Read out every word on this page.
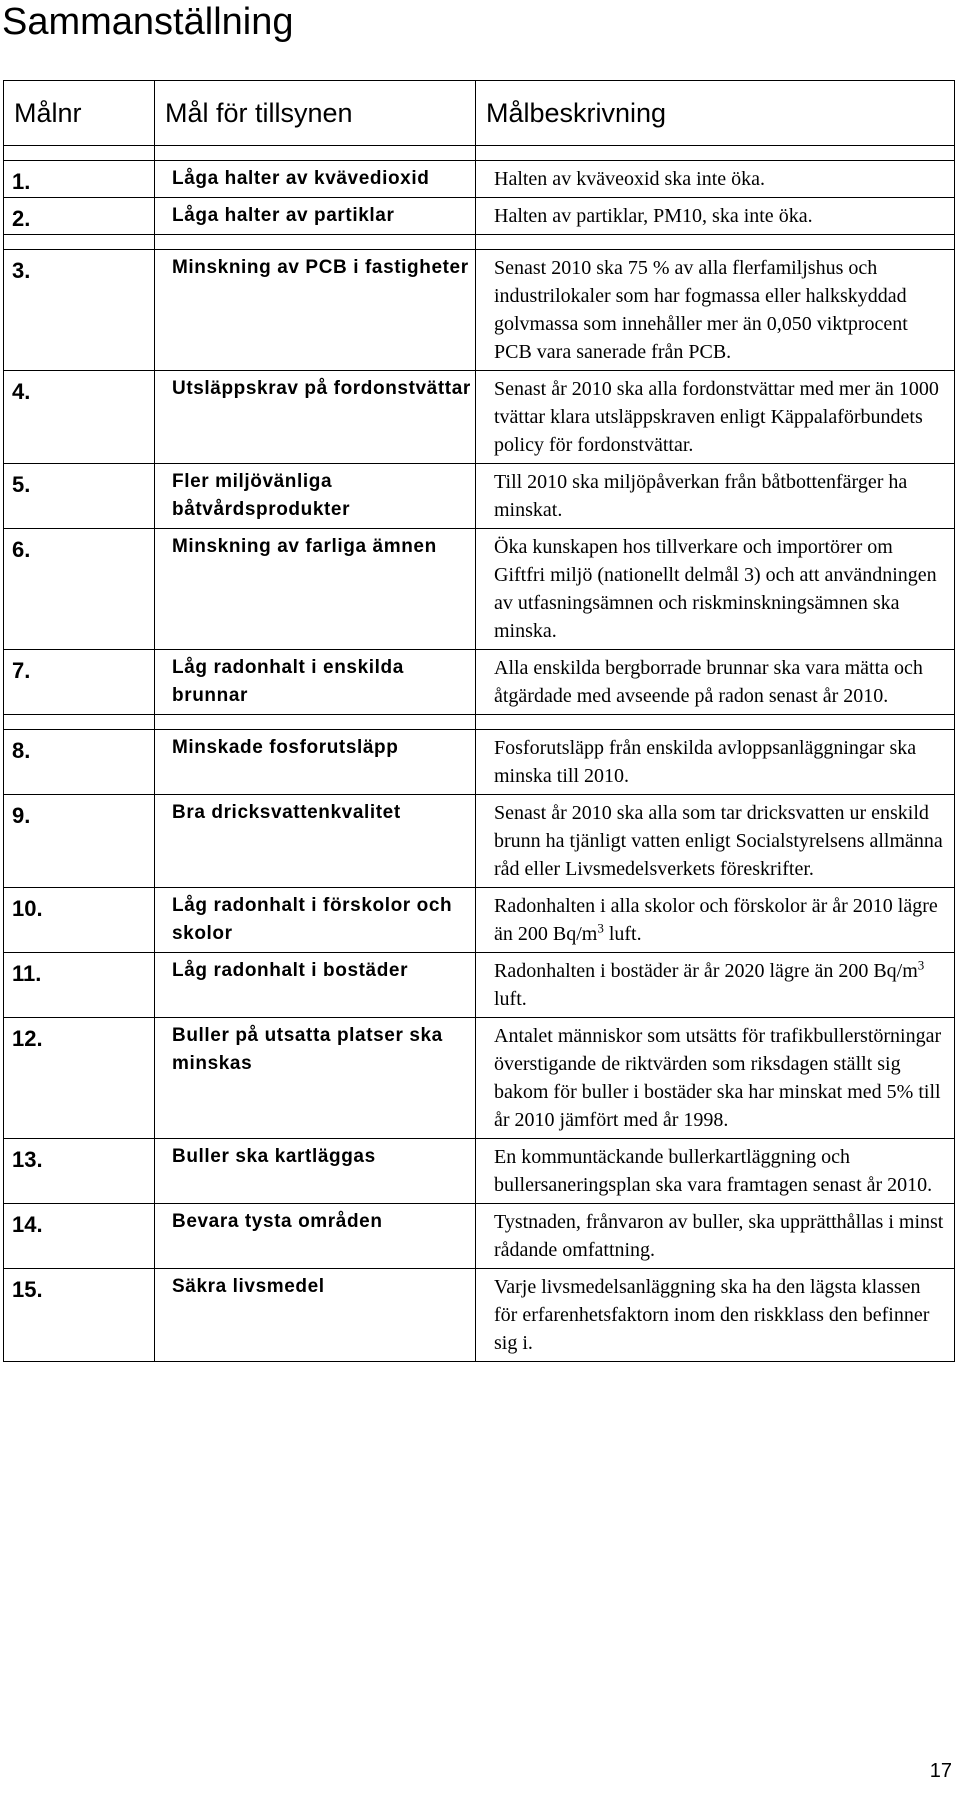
Sammanställning
Målnr	Mål för tillsynen	Målbeskrivning

1.	Låga halter av kvävedioxid	Halten av kväveoxid ska inte öka.
2.	Låga halter av partiklar	Halten av partiklar, PM10, ska inte öka.

3.	Minskning av PCB i fastigheter	Senast 2010 ska 75 % av alla flerfamiljshus och industrilokaler som har fogmassa eller halkskyddad golvmassa som innehåller mer än 0,050 viktprocent PCB vara sanerade från PCB.
4.	Utsläppskrav på fordonstvättar	Senast år 2010 ska alla fordonstvättar med mer än 1000 tvättar klara utsläppskraven enligt Käppalaförbundets policy för fordonstvättar.
5.	Fler miljövänliga båtvårdsprodukter	Till 2010 ska miljöpåverkan från båtbottenfärger ha minskat.
6.	Minskning av farliga ämnen	Öka kunskapen hos tillverkare och importörer om Giftfri miljö (nationellt delmål 3) och att användningen av utfasningsämnen och riskminskningsämnen ska minska.
7.	Låg radonhalt i enskilda brunnar	Alla enskilda bergborrade brunnar ska vara mätta och åtgärdade med avseende på radon senast år 2010.

8.	Minskade fosforutsläpp	Fosforutsläpp från enskilda avloppsanläggningar ska minska till 2010.
9.	Bra dricksvattenkvalitet	Senast år 2010 ska alla som tar dricksvatten ur enskild brunn ha tjänligt vatten enligt Socialstyrelsens allmänna råd eller Livsmedelsverkets föreskrifter.
10.	Låg radonhalt i förskolor och skolor	Radonhalten i alla skolor och förskolor är år 2010 lägre än 200 $Bq/m^3$ luft.
11.	Låg radonhalt i bostäder	Radonhalten i bostäder är år 2020 lägre än 200 $Bq/m^3$ luft.
12.	Buller på utsatta platser ska minskas	Antalet människor som utsätts för trafikbullerstörningar överstigande de riktvärden som riksdagen ställt sig bakom för buller i bostäder ska har minskat med 5% till år 2010 jämfört med år 1998.
13.	Buller ska kartläggas	En kommuntäckande bullerkartläggning och bullersaneringsplan ska vara framtagen senast år 2010.
14.	Bevara tysta områden	Tystnaden, frånvaron av buller, ska upprätthållas i minst rådande omfattning.
15.	Säkra livsmedel	Varje livsmedelsanläggning ska ha den lägsta klassen för erfarenhetsfaktorn inom den riskklass den befinner sig i.
17
